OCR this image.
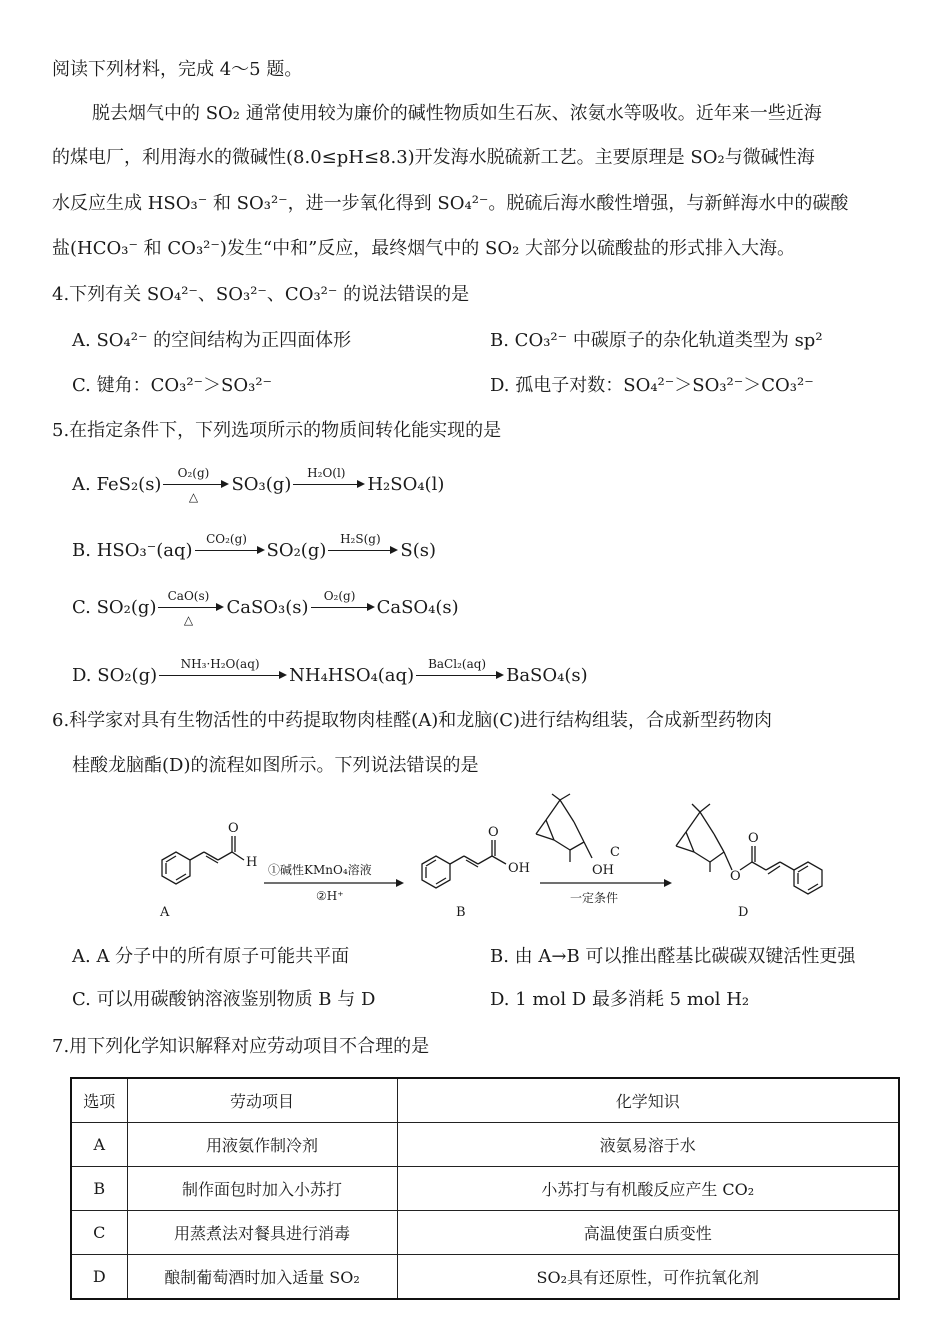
阅读下列材料，完成 4～5 题。
脱去烟气中的 SO₂ 通常使用较为廉价的碱性物质如生石灰、浓氨水等吸收。近年来一些近海
的煤电厂，利用海水的微碱性(8.0≤pH≤8.3)开发海水脱硫新工艺。主要原理是 SO₂与微碱性海
水反应生成 HSO₃⁻ 和 SO₃²⁻，进一步氧化得到 SO₄²⁻。脱硫后海水酸性增强，与新鲜海水中的碳酸
盐(HCO₃⁻ 和 CO₃²⁻)发生“中和”反应，最终烟气中的 SO₂ 大部分以硫酸盐的形式排入大海。
4.下列有关 SO₄²⁻、SO₃²⁻、CO₃²⁻ 的说法错误的是
A. SO₄²⁻ 的空间结构为正四面体形	B. CO₃²⁻ 中碳原子的杂化轨道类型为 sp²
C. 键角：CO₃²⁻＞SO₃²⁻	D. 孤电子对数：SO₄²⁻＞SO₃²⁻＞CO₃²⁻
5.在指定条件下，下列选项所示的物质间转化能实现的是
A. FeS₂(s)
O₂(g)
△
SO₃(g)
H₂O(l)
H₂SO₄(l)
B. HSO₃⁻(aq)
CO₂(g)
SO₂(g)
H₂S(g)
S(s)
C. SO₂(g)
CaO(s)
△
CaSO₃(s)
O₂(g)
CaSO₄(s)
D. SO₂(g)
NH₃·H₂O(aq)
NH₄HSO₄(aq)
BaCl₂(aq)
BaSO₄(s)
6.科学家对具有生物活性的中药提取物肉桂醛(A)和龙脑(C)进行结构组装，合成新型药物肉
桂酸龙脑酯(D)的流程如图所示。下列说法错误的是
O
H
A
①碱性KMnO₄溶液
②H⁺
O
OH
B
OH
C
一定条件
O
O
D
A. A 分子中的所有原子可能共平面	B. 由 A→B 可以推出醛基比碳碳双键活性更强
C. 可以用碳酸钠溶液鉴别物质 B 与 D	D. 1 mol D 最多消耗 5 mol H₂
7.用下列化学知识解释对应劳动项目不合理的是
选项	劳动项目	化学知识
A	用液氨作制冷剂	液氨易溶于水
B	制作面包时加入小苏打	小苏打与有机酸反应产生 CO₂
C	用蒸煮法对餐具进行消毒	高温使蛋白质变性
D	酿制葡萄酒时加入适量 SO₂	SO₂具有还原性，可作抗氧化剂
